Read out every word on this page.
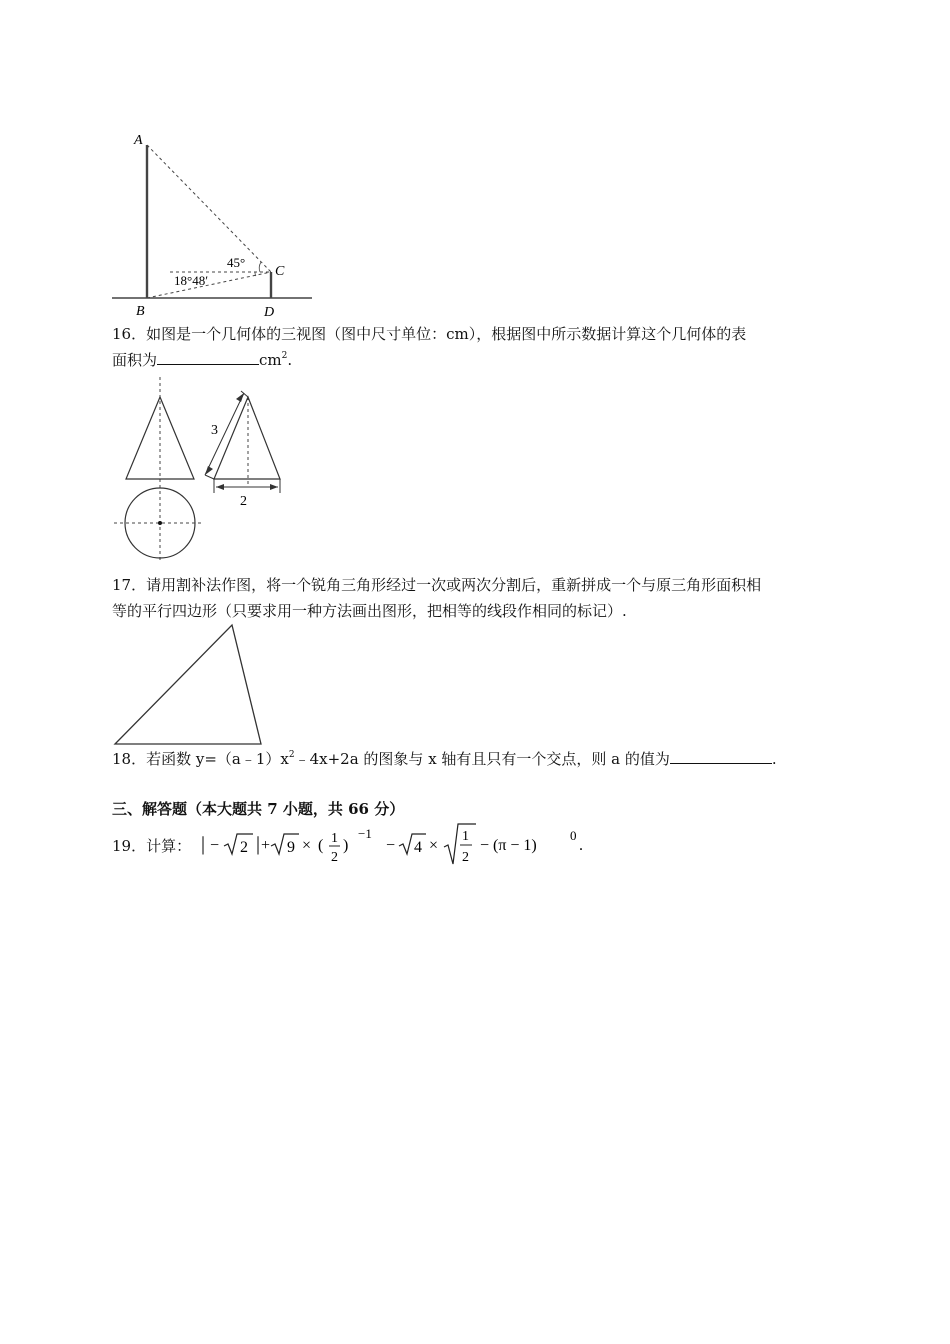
A
B
C
D
45°
18°48′
16．如图是一个几何体的三视图（图中尺寸单位：cm），根据图中所示数据计算这个几何体的表
面积为	$cm^2$.
3
2
17．请用割补法作图，将一个锐角三角形经过一次或两次分割后，重新拼成一个与原三角形面积相
等的平行四边形（只要求用一种方法画出图形，把相等的线段作相同的标记）.
18．若函数 $y=(a﹣1)x^2﹣4x+2a$ 的图象与 x 轴有且只有一个交点，则 a 的值为	.
三、解答题（本大题共 7 小题，共 66 分）
19．计算： | − 2 | + 9 × ( 1
2
)
−1
− 4 ×
1
2
− (π − 1)
0
.
